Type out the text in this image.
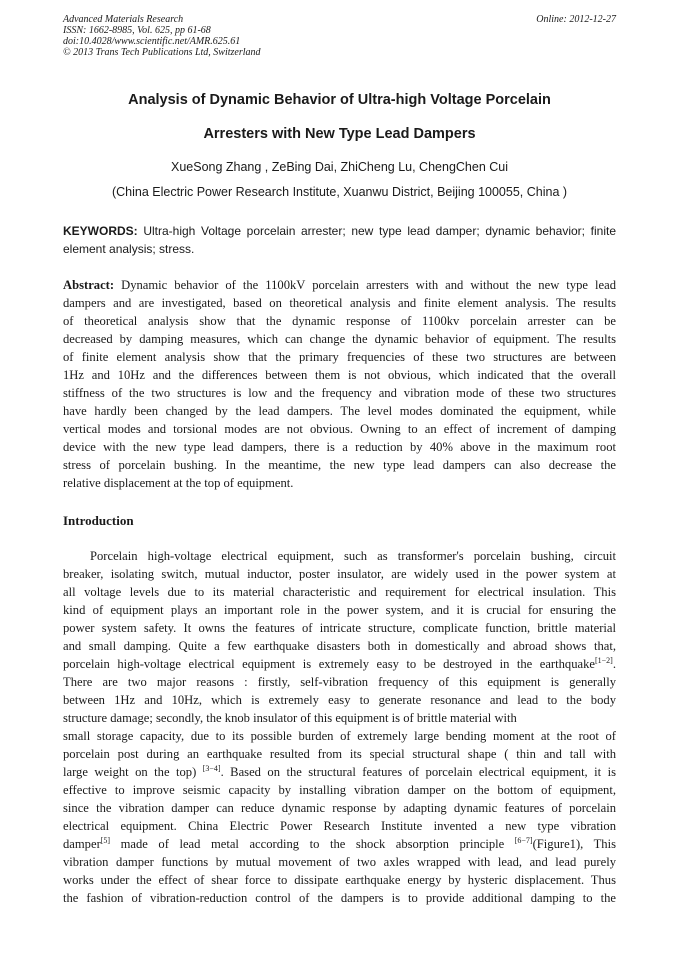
Advanced Materials Research
ISSN: 1662-8985, Vol. 625, pp 61-68
doi:10.4028/www.scientific.net/AMR.625.61
© 2013 Trans Tech Publications Ltd, Switzerland
Online: 2012-12-27
Analysis of Dynamic Behavior of Ultra-high Voltage Porcelain
Arresters with New Type Lead Dampers
XueSong Zhang , ZeBing Dai, ZhiCheng Lu, ChengChen Cui
(China Electric Power Research Institute, Xuanwu District, Beijing 100055, China )
KEYWORDS: Ultra-high Voltage porcelain arrester; new type lead damper; dynamic behavior; finite element analysis; stress.
Abstract: Dynamic behavior of the 1100kV porcelain arresters with and without the new type lead
dampers and are investigated, based on theoretical analysis and finite element analysis. The results
of theoretical analysis show that the dynamic response of 1100kv porcelain arrester can be
decreased by damping measures, which can change the dynamic behavior of equipment. The results
of finite element analysis show that the primary frequencies of these two structures are between
1Hz and 10Hz and the differences between them is not obvious, which indicated that the overall
stiffness of the two structures is low and the frequency and vibration mode of these two structures
have hardly been changed by the lead dampers. The level modes dominated the equipment, while
vertical modes and torsional modes are not obvious. Owning to an effect of increment of damping
device with the new type lead dampers, there is a reduction by 40% above in the maximum root
stress of porcelain bushing. In the meantime, the new type lead dampers can also decrease the
relative displacement at the top of equipment.
Introduction
Porcelain high-voltage electrical equipment, such as transformer's porcelain bushing, circuit
breaker, isolating switch, mutual inductor, poster insulator, are widely used in the power system at
all voltage levels due to its material characteristic and requirement for electrical insulation. This
kind of equipment plays an important role in the power system, and it is crucial for ensuring the
power system safety. It owns the features of intricate structure, complicate function, brittle material
and small damping. Quite a few earthquake disasters both in domestically and abroad shows that,
porcelain high-voltage electrical equipment is extremely easy to be destroyed in the earthquake[1−2].
There are two major reasons : firstly, self-vibration frequency of this equipment is generally
between 1Hz and 10Hz, which is extremely easy to generate resonance and lead to the body
structure damage; secondly, the knob insulator of this equipment is of brittle material with
small storage capacity, due to its possible burden of extremely large bending moment at the root of
porcelain post during an earthquake resulted from its special structural shape ( thin and tall with
large weight on the top) [3−4]. Based on the structural features of porcelain electrical equipment, it is
effective to improve seismic capacity by installing vibration damper on the bottom of equipment,
since the vibration damper can reduce dynamic response by adapting dynamic features of porcelain
electrical equipment. China Electric Power Research Institute invented a new type vibration
damper[5] made of lead metal according to the shock absorption principle [6−7](Figure1), This
vibration damper functions by mutual movement of two axles wrapped with lead, and lead purely
works under the effect of shear force to dissipate earthquake energy by hysteric displacement. Thus
the fashion of vibration-reduction control of the dampers is to provide additional damping to the
